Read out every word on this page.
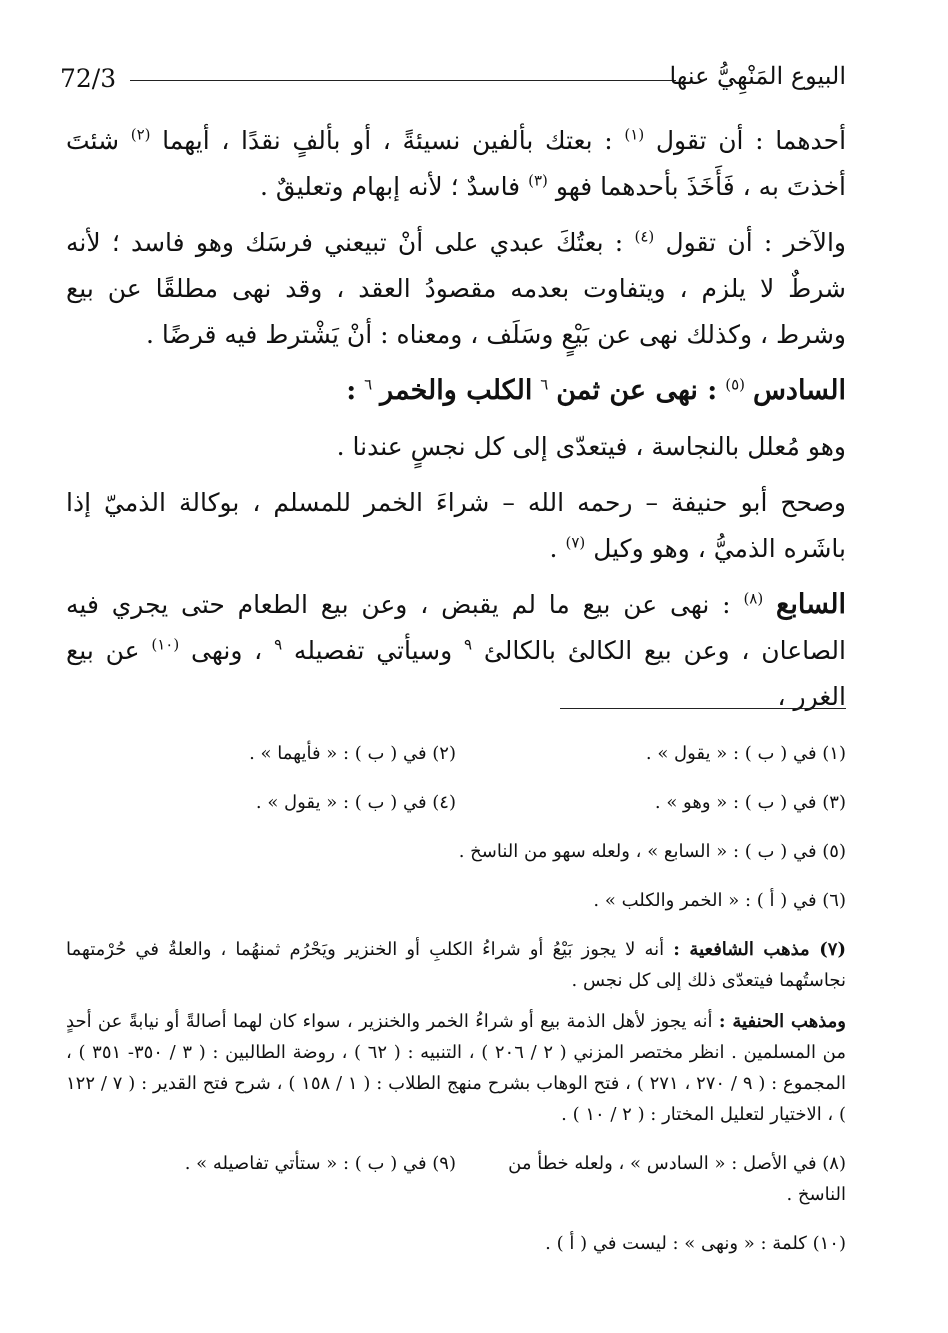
72/3	البيوع المَنْهِيُّ عنها

أحدهما : أن تقول $^{(١)}$ : بعتك بألفين نسيئةً ، أو بألفٍ نقدًا ، أيهما $^{(٢)}$ شئتَ أخذتَ به ، فَأَخَذَ بأحدهما فهو $^{(٣)}$ فاسدٌ ؛ لأنه إبهام وتعليقٌ .

والآخر : أن تقول $^{(٤)}$ : بعتُكَ عبدي على أنْ تبيعني فرسَك وهو فاسد ؛ لأنه شرطٌ لا يلزم ، ويتفاوت بعدمه مقصودُ العقد ، وقد نهى مطلقًا عن بيع وشرط ، وكذلك نهى عن بَيْعٍ وسَلَف ، ومعناه : أنْ يَشْترط فيه قرضًا .

السادس $^{(٥)}$ : نهى عن ثمن $^٦$ الكلب والخمر $^٦$ :

وهو مُعلل بالنجاسة ، فيتعدّى إلى كل نجسٍ عندنا .

وصحح أبو حنيفة – رحمه الله – شراءَ الخمر للمسلم ، بوكالة الذميّ إذا باشَره الذميُّ ، وهو وكيل $^{(٧)}$ .

السابع $^{(٨)}$ : نهى عن بيع ما لم يقبض ، وعن بيع الطعام حتى يجري فيه الصاعان ، وعن بيع الكالئ بالكالئ $^٩$ وسيأتي تفصيله $^٩$ ، ونهى $^{(١٠)}$ عن بيع الغرر ،

(١) في ( ب ) : « يقول » .
(٢) في ( ب ) : « فأيهما » .
(٣) في ( ب ) : « وهو » .
(٤) في ( ب ) : « يقول » .
(٥) في ( ب ) : « السابع » ، ولعله سهو من الناسخ .
(٦) في ( أ ) : « الخمر والكلب » .
(٧) مذهب الشافعية : أنه لا يجوز بَيْعُ أو شراءُ الكلبِ أو الخنزير ويَحْرُم ثمنهُما ، والعلةُ في حُرْمتهما نجاستُهما فيتعدّى ذلك إلى كل نجس .
ومذهب الحنفية : أنه يجوز لأهل الذمة بيع أو شراءُ الخمر والخنزير ، سواء كان لهما أصالةً أو نيابةً عن أحدٍ من المسلمين . انظر مختصر المزني ( ٢ / ٢٠٦ ) ، التنبيه : ( ٦٢ ) ، روضة الطالبين : ( ٣ / ٣٥٠- ٣٥١ ) ، المجموع : ( ٩ / ٢٧٠ ، ٢٧١ ) ، فتح الوهاب بشرح منهج الطلاب : ( ١ / ١٥٨ ) ، شرح فتح القدير : ( ٧ / ١٢٢ ) ، الاختيار لتعليل المختار : ( ٢ / ١٠ ) .
(٨) في الأصل : « السادس » ، ولعله خطأ من الناسخ .
(٩) في ( ب ) : « ستأتي تفاصيله » .
(١٠) كلمة : « ونهى » : ليست في ( أ ) .
